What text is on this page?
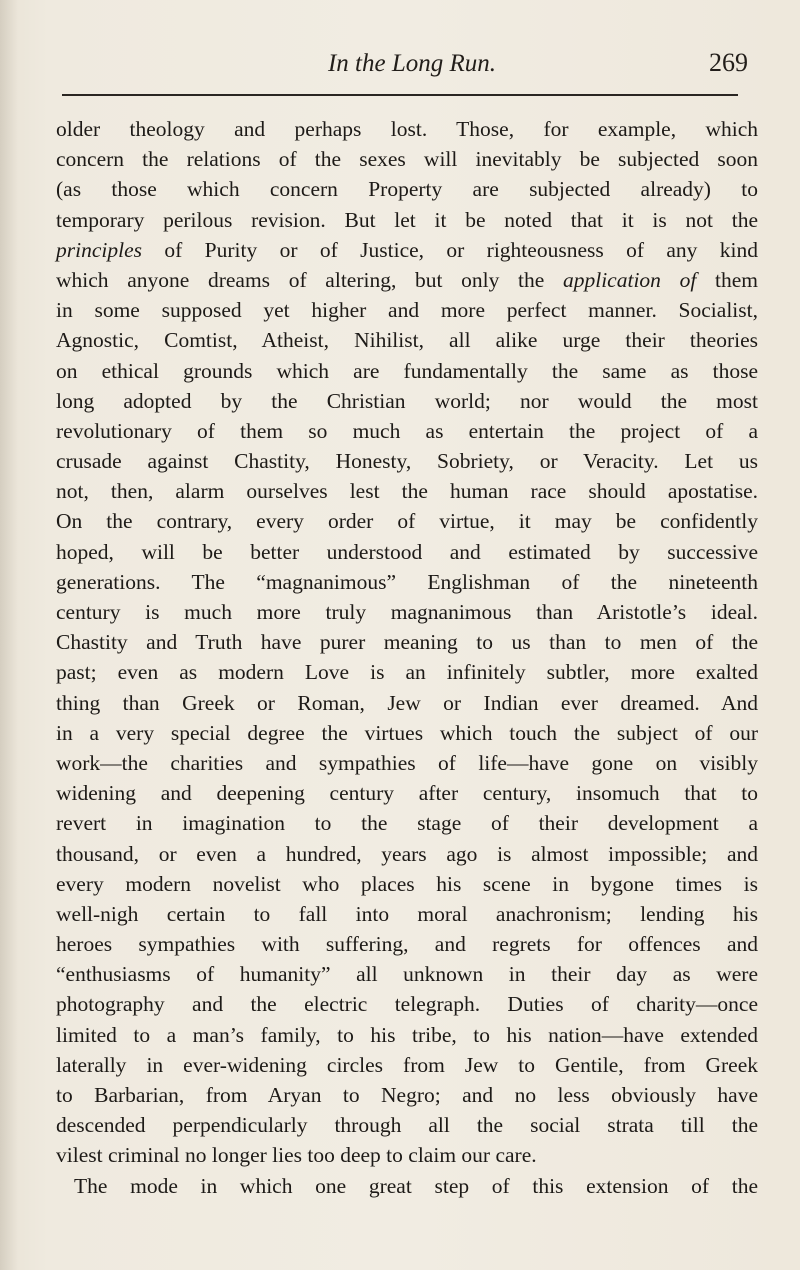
In the Long Run.	269
older theology and perhaps lost. Those, for example, which
concern the relations of the sexes will inevitably be subjected soon
(as those which concern Property are subjected already) to
temporary perilous revision. But let it be noted that it is not the
principles of Purity or of Justice, or righteousness of any kind
which anyone dreams of altering, but only the application of them
in some supposed yet higher and more perfect manner. Socialist,
Agnostic, Comtist, Atheist, Nihilist, all alike urge their theories
on ethical grounds which are fundamentally the same as those
long adopted by the Christian world; nor would the most
revolutionary of them so much as entertain the project of a
crusade against Chastity, Honesty, Sobriety, or Veracity. Let us
not, then, alarm ourselves lest the human race should apostatise.
On the contrary, every order of virtue, it may be confidently
hoped, will be better understood and estimated by successive
generations. The “magnanimous” Englishman of the nineteenth
century is much more truly magnanimous than Aristotle’s ideal.
Chastity and Truth have purer meaning to us than to men of the
past; even as modern Love is an infinitely subtler, more exalted
thing than Greek or Roman, Jew or Indian ever dreamed. And
in a very special degree the virtues which touch the subject of our
work—the charities and sympathies of life—have gone on visibly
widening and deepening century after century, insomuch that to
revert in imagination to the stage of their development a
thousand, or even a hundred, years ago is almost impossible; and
every modern novelist who places his scene in bygone times is
well-nigh certain to fall into moral anachronism; lending his
heroes sympathies with suffering, and regrets for offences and
“enthusiasms of humanity” all unknown in their day as were
photography and the electric telegraph. Duties of charity—once
limited to a man’s family, to his tribe, to his nation—have extended
laterally in ever-widening circles from Jew to Gentile, from Greek
to Barbarian, from Aryan to Negro; and no less obviously have
descended perpendicularly through all the social strata till the
vilest criminal no longer lies too deep to claim our care.
The mode in which one great step of this extension of the
